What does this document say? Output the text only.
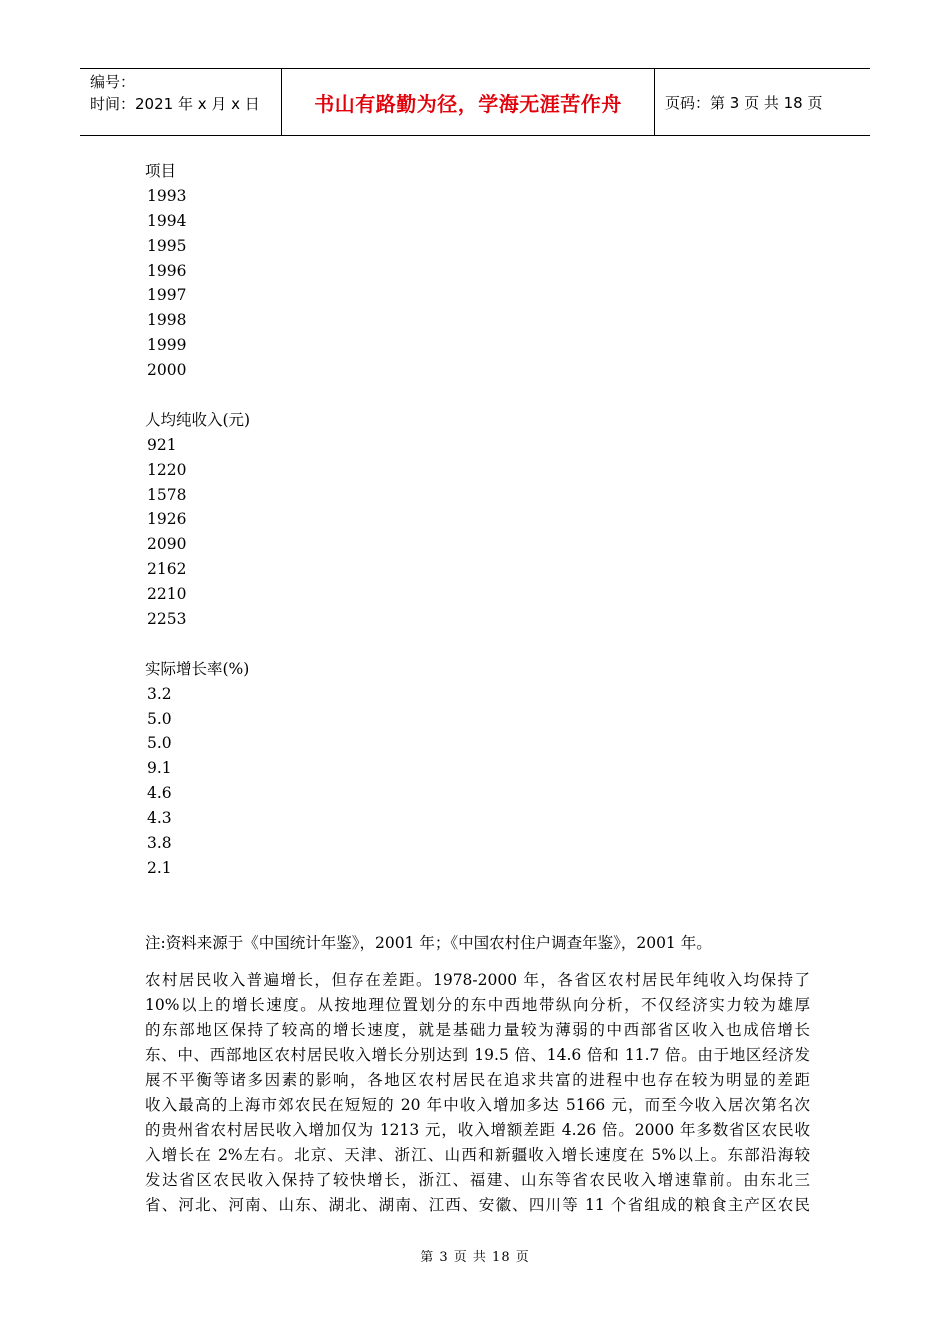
编号：
时间：2021 年 x 月 x 日	书山有路勤为径，学海无涯苦作舟	页码：第 3 页 共 18 页
项目
1993
1994
1995
1996
1997
1998
1999
2000
人均纯收入(元)
921
1220
1578
1926
2090
2162
2210
2253
实际增长率(%)
3.2
5.0
5.0
9.1
4.6
4.3
3.8
2.1
注:资料来源于《中国统计年鉴》，2001 年；《中国农村住户调查年鉴》，2001 年。
农村居民收入普遍增长，但存在差距。1978-2000 年，各省区农村居民年纯收入均保持了
10%以上的增长速度。从按地理位置划分的东中西地带纵向分析，不仅经济实力较为雄厚
的东部地区保持了较高的增长速度，就是基础力量较为薄弱的中西部省区收入也成倍增长
东、中、西部地区农村居民收入增长分别达到 19.5 倍、14.6 倍和 11.7 倍。由于地区经济发
展不平衡等诸多因素的影响，各地区农村居民在追求共富的进程中也存在较为明显的差距
收入最高的上海市郊农民在短短的 20 年中收入增加多达 5166 元，而至今收入居次第名次
的贵州省农村居民收入增加仅为 1213 元，收入增额差距 4.26 倍。2000 年多数省区农民收
入增长在 2%左右。北京、天津、浙江、山西和新疆收入增长速度在 5%以上。东部沿海较
发达省区农民收入保持了较快增长，浙江、福建、山东等省农民收入增速靠前。由东北三
省、河北、河南、山东、湖北、湖南、江西、安徽、四川等 11 个省组成的粮食主产区农民
第 3 页 共 18 页
